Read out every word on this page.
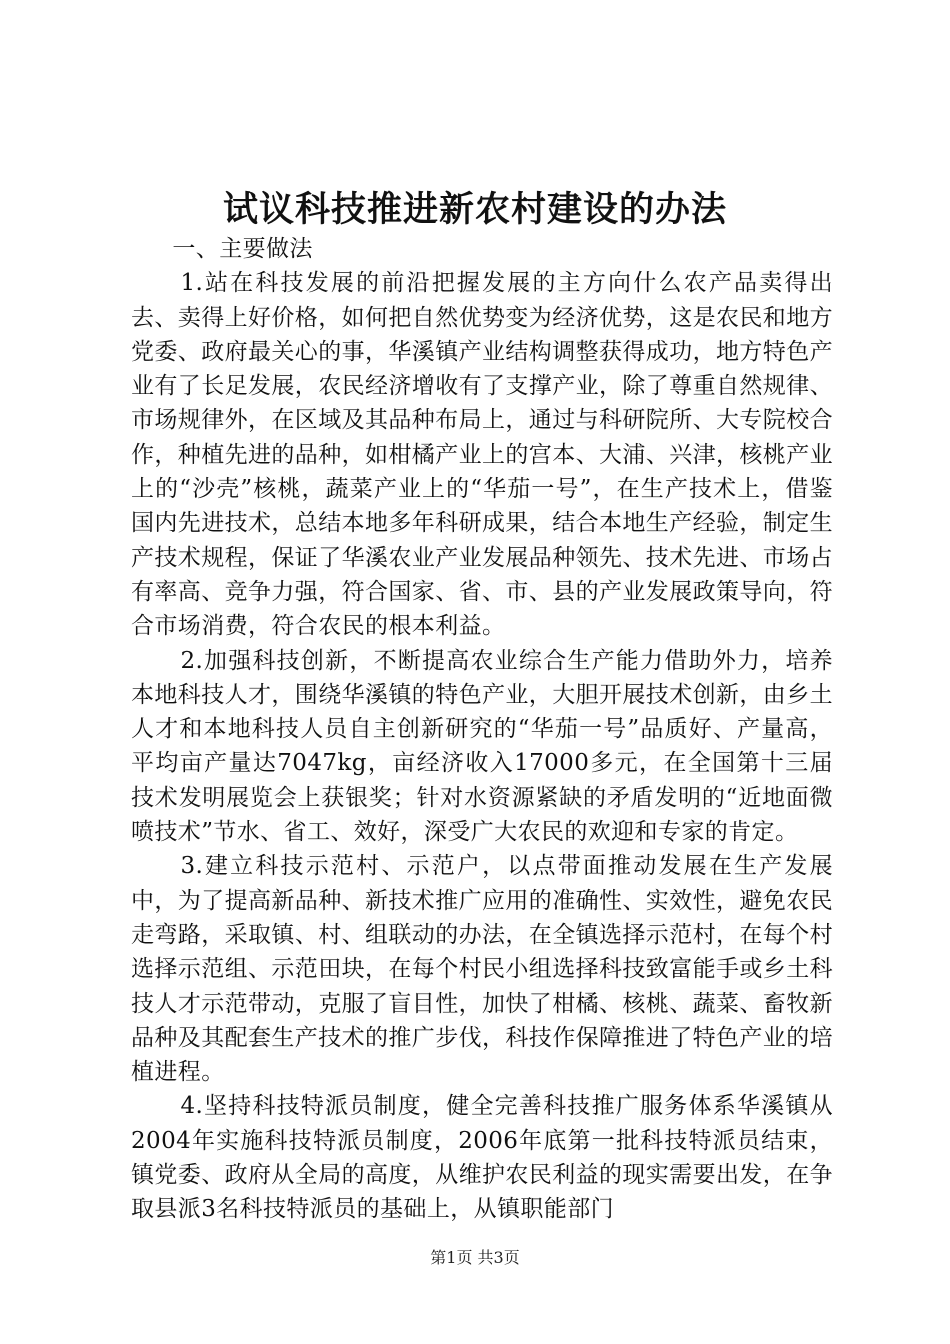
试议科技推进新农村建设的办法

一、主要做法

1.站在科技发展的前沿把握发展的主方向什么农产品卖得出去、卖得上好价格，如何把自然优势变为经济优势，这是农民和地方党委、政府最关心的事，华溪镇产业结构调整获得成功，地方特色产业有了长足发展，农民经济增收有了支撑产业，除了尊重自然规律、市场规律外，在区域及其品种布局上，通过与科研院所、大专院校合作，种植先进的品种，如柑橘产业上的宫本、大浦、兴津，核桃产业上的“沙壳”核桃，蔬菜产业上的“华茄一号”，在生产技术上，借鉴国内先进技术，总结本地多年科研成果，结合本地生产经验，制定生产技术规程，保证了华溪农业产业发展品种领先、技术先进、市场占有率高、竞争力强，符合国家、省、市、县的产业发展政策导向，符合市场消费，符合农民的根本利益。

2.加强科技创新，不断提高农业综合生产能力借助外力，培养本地科技人才，围绕华溪镇的特色产业，大胆开展技术创新，由乡土人才和本地科技人员自主创新研究的“华茄一号”品质好、产量高，平均亩产量达7047kg，亩经济收入17000多元，在全国第十三届技术发明展览会上获银奖；针对水资源紧缺的矛盾发明的“近地面微喷技术”节水、省工、效好，深受广大农民的欢迎和专家的肯定。

3.建立科技示范村、示范户，以点带面推动发展在生产发展中，为了提高新品种、新技术推广应用的准确性、实效性，避免农民走弯路，采取镇、村、组联动的办法，在全镇选择示范村，在每个村选择示范组、示范田块，在每个村民小组选择科技致富能手或乡土科技人才示范带动，克服了盲目性，加快了柑橘、核桃、蔬菜、畜牧新品种及其配套生产技术的推广步伐，科技作保障推进了特色产业的培植进程。

4.坚持科技特派员制度，健全完善科技推广服务体系华溪镇从2004年实施科技特派员制度，2006年底第一批科技特派员结束，镇党委、政府从全局的高度，从维护农民利益的现实需要出发，在争取县派3名科技特派员的基础上，从镇职能部门

第1页 共3页
